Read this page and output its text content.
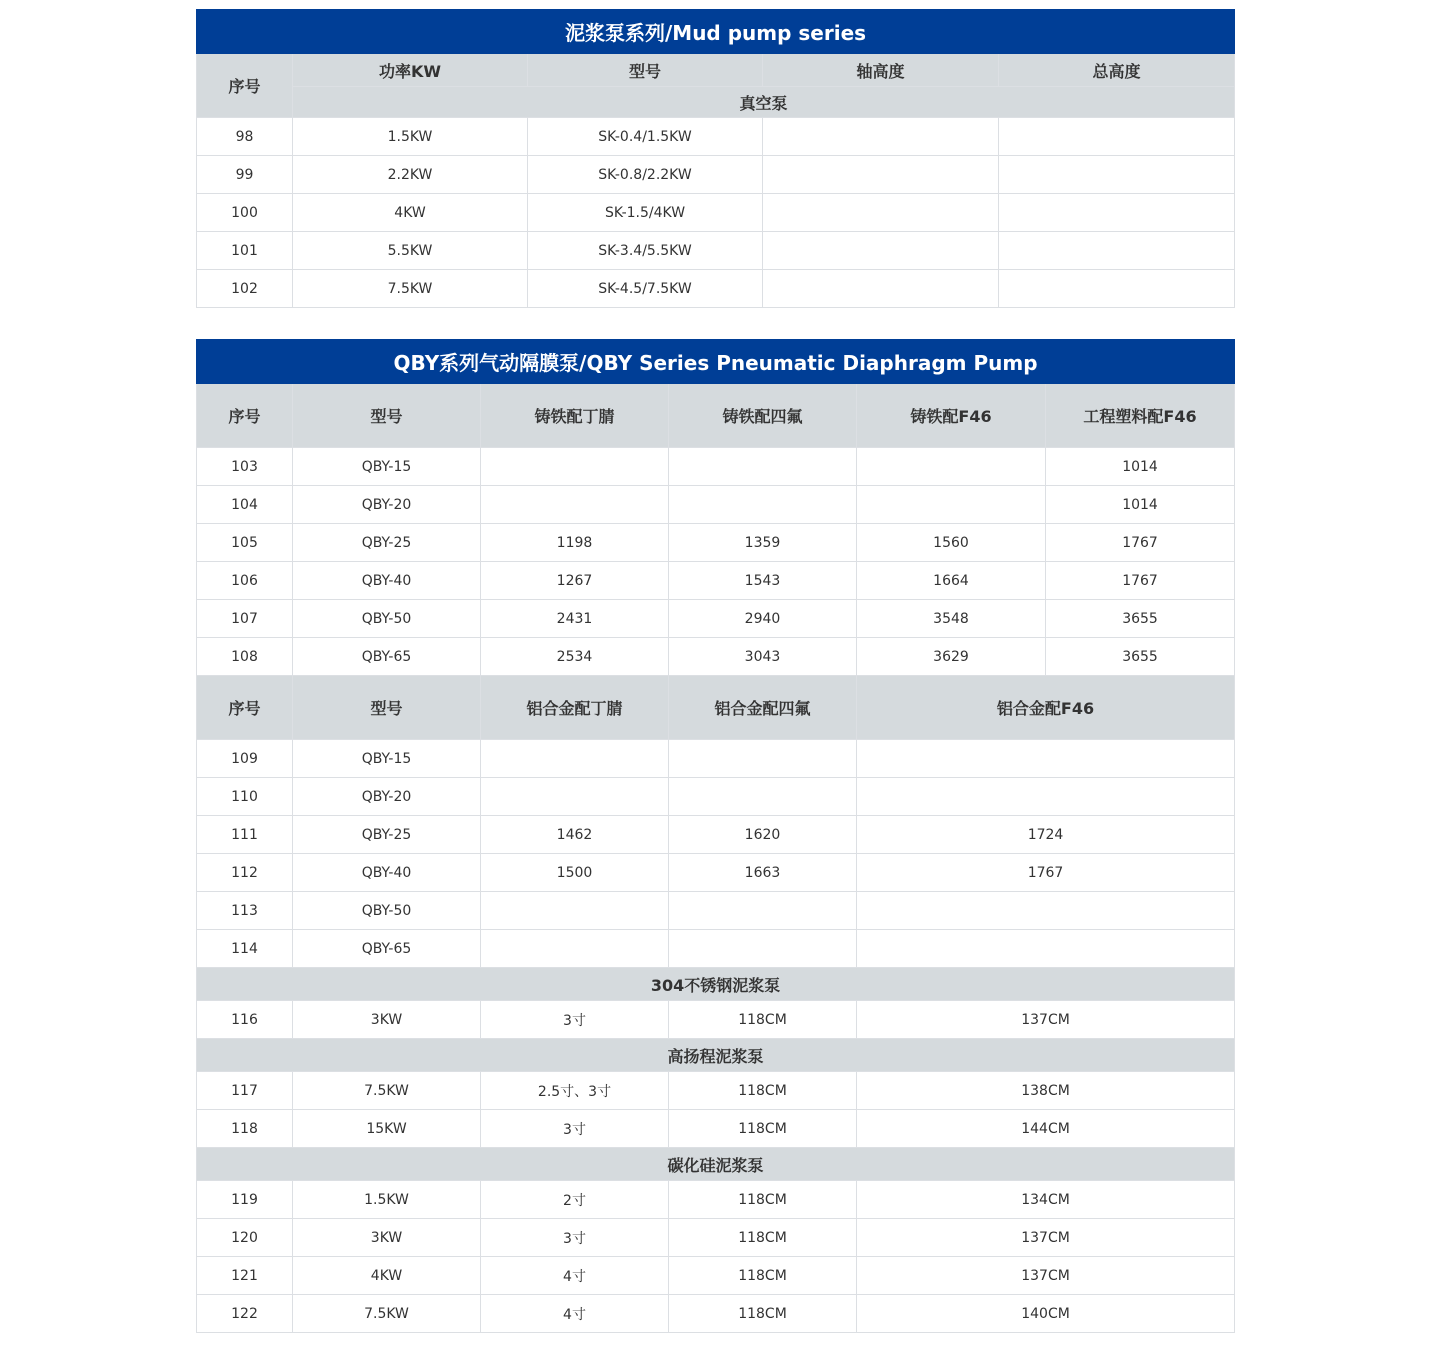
泥浆泵系列/Mud pump series				
序号	功率KW	型号	轴高度	总高度
	真空泵			
98	1.5KW	SK-0.4/1.5KW		
99	2.2KW	SK-0.8/2.2KW		
100	4KW	SK-1.5/4KW		
101	5.5KW	SK-3.4/5.5KW		
102	7.5KW	SK-4.5/7.5KW		
QBY系列气动隔膜泵/QBY Series Pneumatic Diaphragm Pump					
序号	型号	铸铁配丁腈	铸铁配四氟	铸铁配F46	工程塑料配F46
103	QBY-15				1014
104	QBY-20				1014
105	QBY-25	1198	1359	1560	1767
106	QBY-40	1267	1543	1664	1767
107	QBY-50	2431	2940	3548	3655
108	QBY-65	2534	3043	3629	3655
序号	型号	铝合金配丁腈	铝合金配四氟	铝合金配F46	
109	QBY-15				
110	QBY-20				
111	QBY-25	1462	1620	1724	
112	QBY-40	1500	1663	1767	
113	QBY-50				
114	QBY-65				
304不锈钢泥浆泵					
116	3KW	3寸	118CM	137CM	
高扬程泥浆泵					
117	7.5KW	2.5寸、3寸	118CM	138CM	
118	15KW	3寸	118CM	144CM	
碳化硅泥浆泵					
119	1.5KW	2寸	118CM	134CM	
120	3KW	3寸	118CM	137CM	
121	4KW	4寸	118CM	137CM	
122	7.5KW	4寸	118CM	140CM	
